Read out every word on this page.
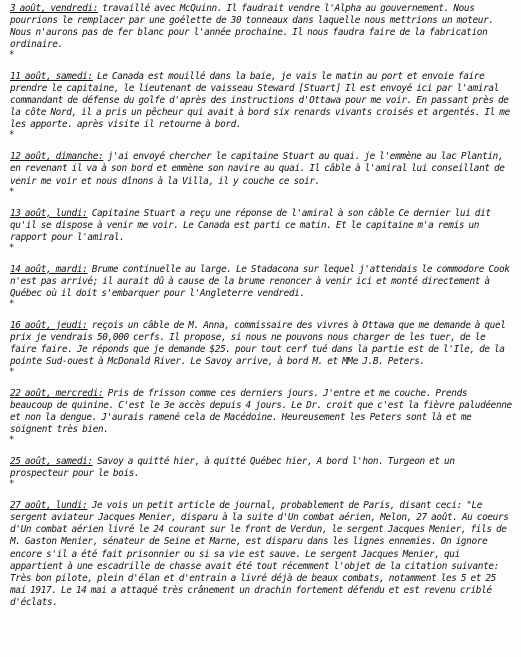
3 août, vendredi: travaillé avec McQuinn. Il faudrait vendre l'Alpha au gouvernement. Nous pourrions le remplacer par une goélette de 30 tonneaux dans laquelle nous mettrions un moteur. Nous n'aurons pas de fer blanc pour l'année prochaine. Il nous faudra faire de la fabrication ordinaire.

*

11 août, samedi: Le Canada est mouillé dans la baie, je vais le matin au port et envoie faire prendre le capitaine, le lieutenant de vaisseau Steward [Stuart] Il est envoyé ici par l'amiral commandant de défense du golfe d'après des instructions d'Ottawa pour me voir. En passant près de la côte Nord, il a pris un pêcheur qui avait à bord six renards vivants croisés et argentés. Il me les apporte. après visite il retourne à bord.

*

12 août, dimanche: j'ai envoyé chercher le capitaine Stuart au quai. je l'emmène au lac Plantin, en revenant il va à son bord et emmène son navire au quai. Il câble à l'amiral lui conseillant de venir me voir et nous dînons à la Villa, il y couche ce soir.

*

13 août, lundi: Capitaine Stuart a reçu une réponse de l'amiral à son câble Ce dernier lui dit qu'il se dispose à venir me voir. Le Canada est parti ce matin. Et le capitaine m'a remis un rapport pour l'amiral.

*

14 août, mardi: Brume continuelle au large. Le Stadacona sur lequel j'attendais le commodore Cook n'est pas arrivé; il aurait dû à cause de la brume renoncer à venir ici et monté directement à Québec où il doit s'embarquer pour l'Angleterre vendredi.

*

16 août, jeudi: reçois un câble de M. Anna, commissaire des vivres à Ottawa que me demande à quel prix je vendrais 50,000 cerfs. Il propose, si nous ne pouvons nous charger de les tuer, de le faire faire. Je réponds que je demande $25. pour tout cerf tué dans la partie est de l'Ile, de la pointe Sud-ouest à McDonald River. Le Savoy arrive, à bord M. et MMe J.B. Peters.

*

22 août, mercredi: Pris de frisson comme ces derniers jours. J'entre et me couche. Prends beaucoup de quinine. C'est le 3e accès depuis 4 jours. Le Dr. croit que c'est la fièvre paludéenne et non la dengue. J'aurais ramené cela de Macédoine. Heureusement les Peters sont là et me soignent très bien.

*

25 août, samedi: Savoy a quitté hier, à quitté Québec hier, A bord l'hon. Turgeon et un prospecteur pour le bois.

*

27 août, lundi: Je vois un petit article de journal, probablement de Paris, disant ceci: "Le sergent aviateur Jacques Menier, disparu à la suite d'Un combat aérien, Melon, 27 août. Au coeurs d'Un combat aérien livré le 24 courant sur le front de Verdun, le sergent Jacques Menier, fils de M. Gaston Menier, sénateur de Seine et Marne, est disparu dans les lignes ennemies. On ignore encore s'il a été fait prisonnier ou si sa vie est sauve. Le sergent Jacques Menier, qui appartient à une escadrille de chasse avait été tout récemment l'objet de la citation suivante: Très bon pilote, plein d'élan et d'entrain a livré déjà de beaux combats, notamment les 5 et 25 mai 1917. Le 14 mai a attaqué très crânement un drachin fortement défendu et est revenu criblé d'éclats.
